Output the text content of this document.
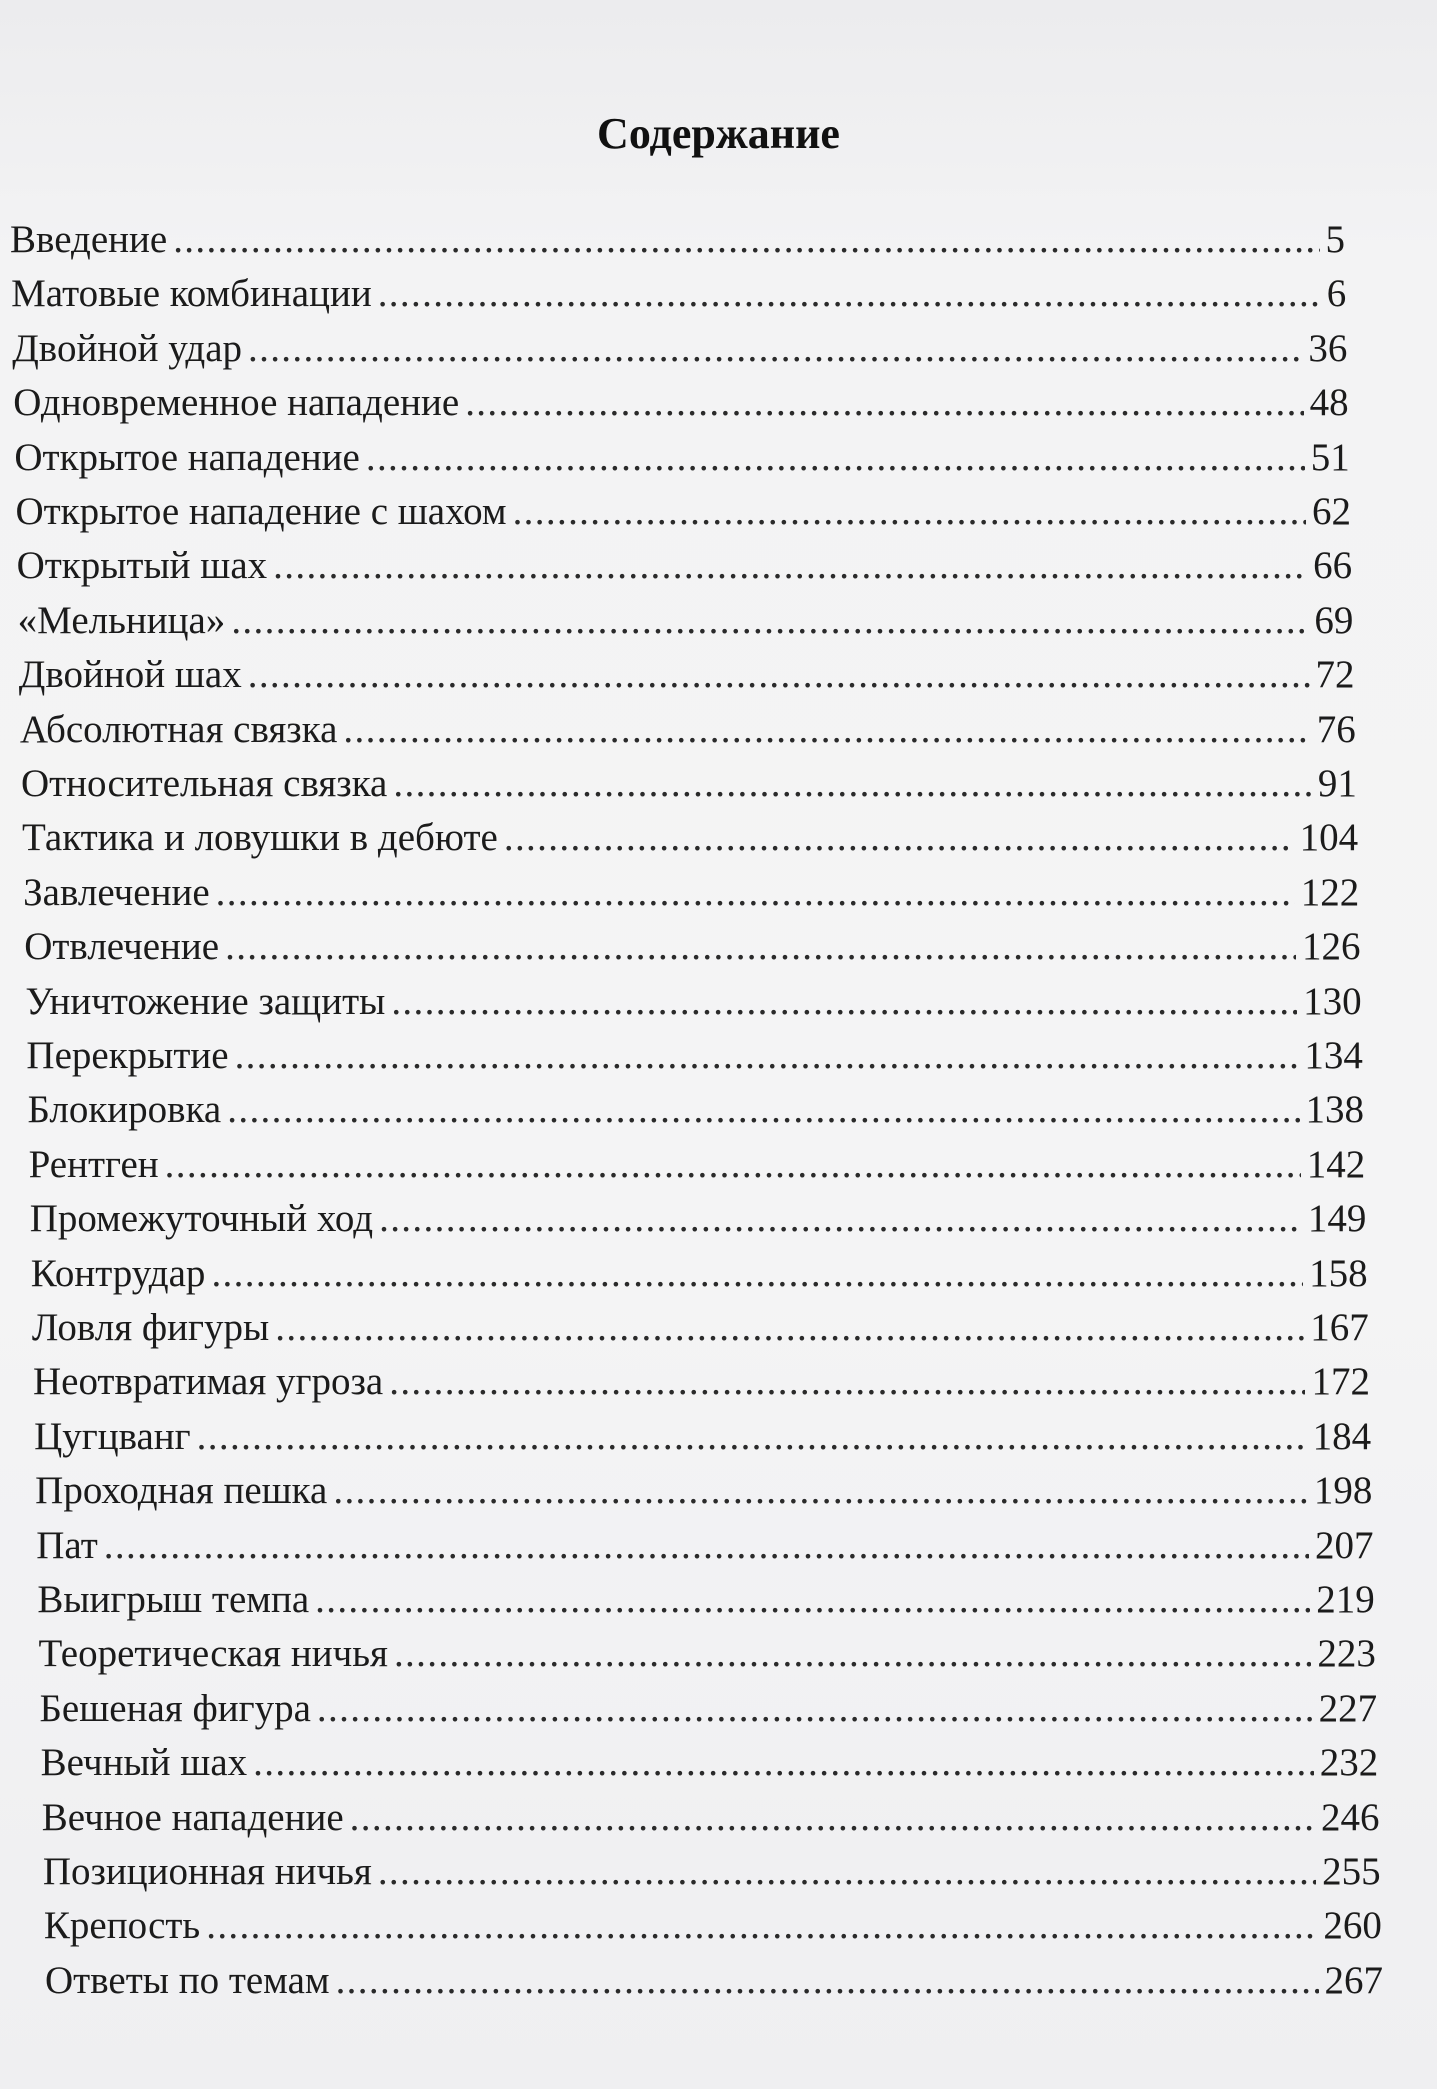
Содержание
Введение . . .	5
Матовые комбинации . . .	6
Двойной удар . . .	36
Одновременное нападение . . .	48
Открытое нападение . . .	51
Открытое нападение с шахом . . .	62
Открытый шах . . .	66
«Мельница» . . .	69
Двойной шах . . .	72
Абсолютная связка . . .	76
Относительная связка . . .	91
Тактика и ловушки в дебюте . . .	104
Завлечение . . .	122
Отвлечение . . .	126
Уничтожение защиты . . .	130
Перекрытие . . .	134
Блокировка . . .	138
Рентген . . .	142
Промежуточный ход . . .	149
Контрудар . . .	158
Ловля фигуры . . .	167
Неотвратимая угроза . . .	172
Цугцванг . . .	184
Проходная пешка . . .	198
Пат . . .	207
Выигрыш темпа . . .	219
Теоретическая ничья . . .	223
Бешеная фигура . . .	227
Вечный шах . . .	232
Вечное нападение . . .	246
Позиционная ничья . . .	255
Крепость . . .	260
Ответы по темам . . .	267
